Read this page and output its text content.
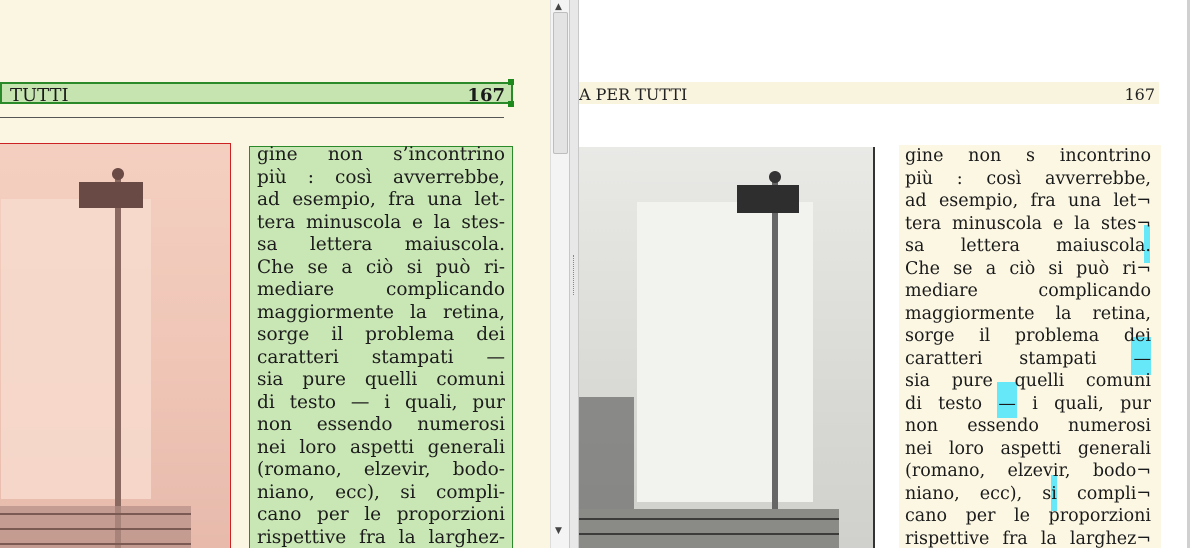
TUTTI	167
gine non s’incontrino
più : così avverrebbe,
ad esempio, fra una let-
tera minuscola e la stes-
sa lettera maiuscola.
Che se a ciò si può ri-
mediare complicando
maggiormente la retina,
sorge il problema dei
caratteri stampati —
sia pure quelli comuni
di testo — i quali, pur
non essendo numerosi
nei loro aspetti generali
(romano, elzevir, bodo-
niano, ecc), si compli-
cano per le proporzioni
rispettive fra la larghez-
▲
▼
A PER TUTTI	167
gine non s incontrino
più : così avverrebbe,
ad esempio, fra una let¬
tera minuscola e la stes¬
sa lettera maiuscola.
Che se a ciò si può ri¬
mediare complicando
maggiormente la retina,
sorge il problema dei
caratteri stampati —
sia pure quelli comuni
di testo — i quali, pur
non essendo numerosi
nei loro aspetti generali
(romano, elzevir, bodo¬
niano, ecc), si compli¬
cano per le proporzioni
rispettive fra la larghez¬
